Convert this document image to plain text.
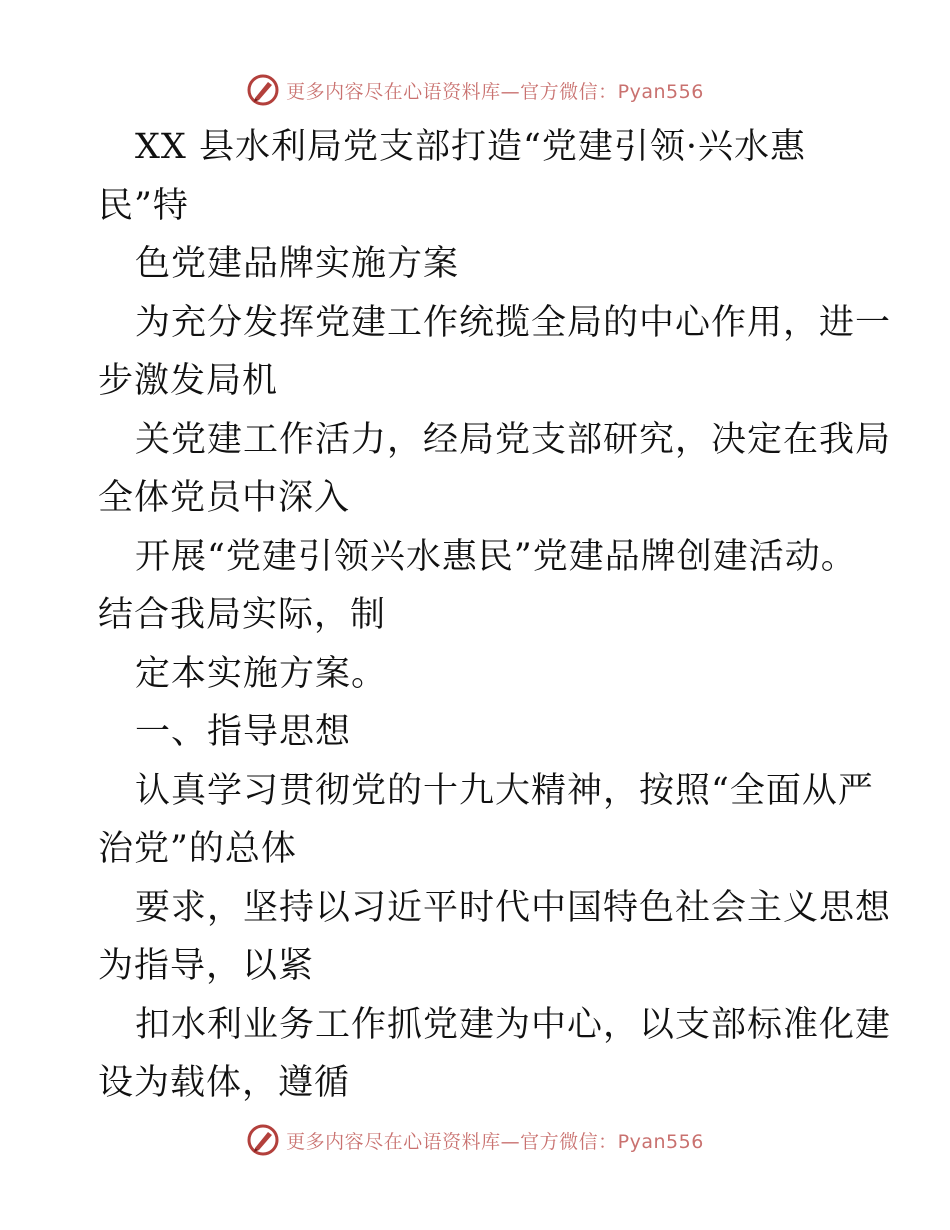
更多内容尽在心语资料库—官方微信：Pyan556
XX 县水利局党支部打造“党建引领·兴水惠
民”特
色党建品牌实施方案
为充分发挥党建工作统揽全局的中心作用，进一
步激发局机
关党建工作活力，经局党支部研究，决定在我局
全体党员中深入
开展“党建引领兴水惠民”党建品牌创建活动。
结合我局实际，制
定本实施方案。
一、指导思想
认真学习贯彻党的十九大精神，按照“全面从严
治党”的总体
要求，坚持以习近平时代中国特色社会主义思想
为指导，以紧
扣水利业务工作抓党建为中心，以支部标准化建
设为载体，遵循
更多内容尽在心语资料库—官方微信：Pyan556
